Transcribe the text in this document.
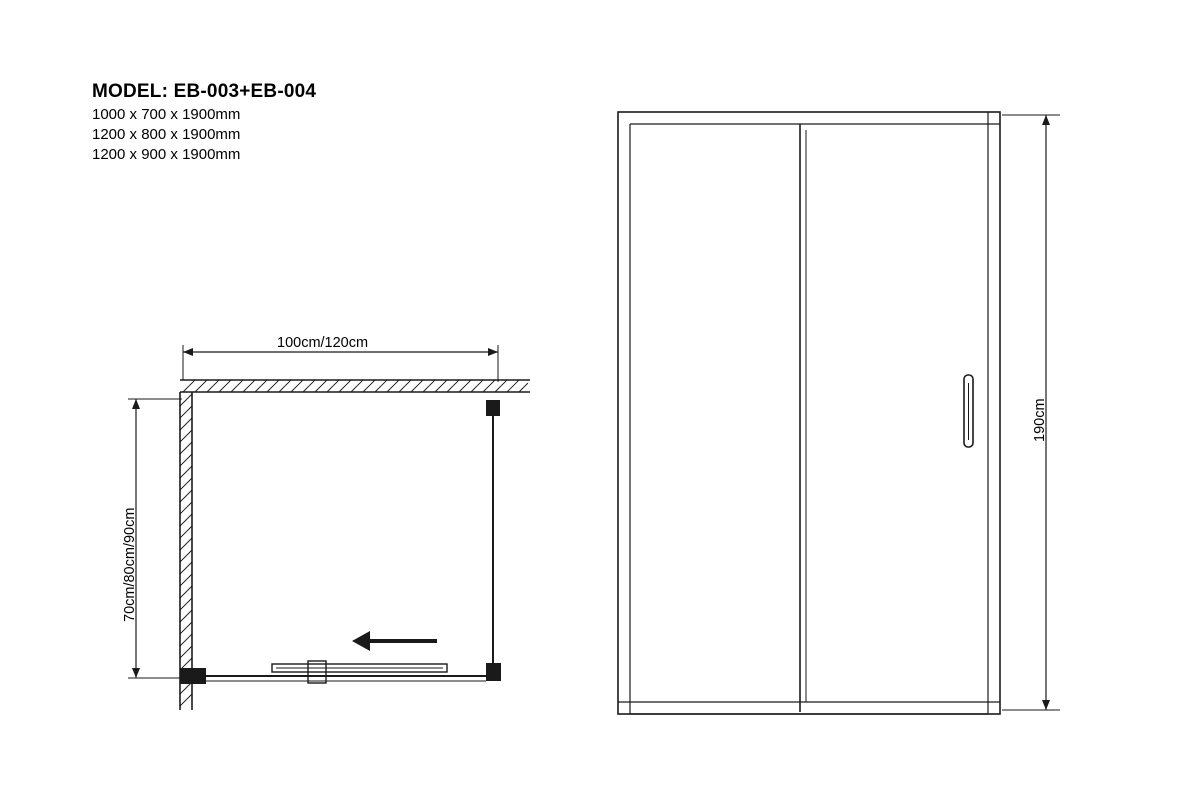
MODEL: EB-003+EB-004

1000 x 700 x 1900mm

1200 x 800 x 1900mm

1200 x 900 x 1900mm

100cm/120cm
70cm/80cm/90cm
190cm
